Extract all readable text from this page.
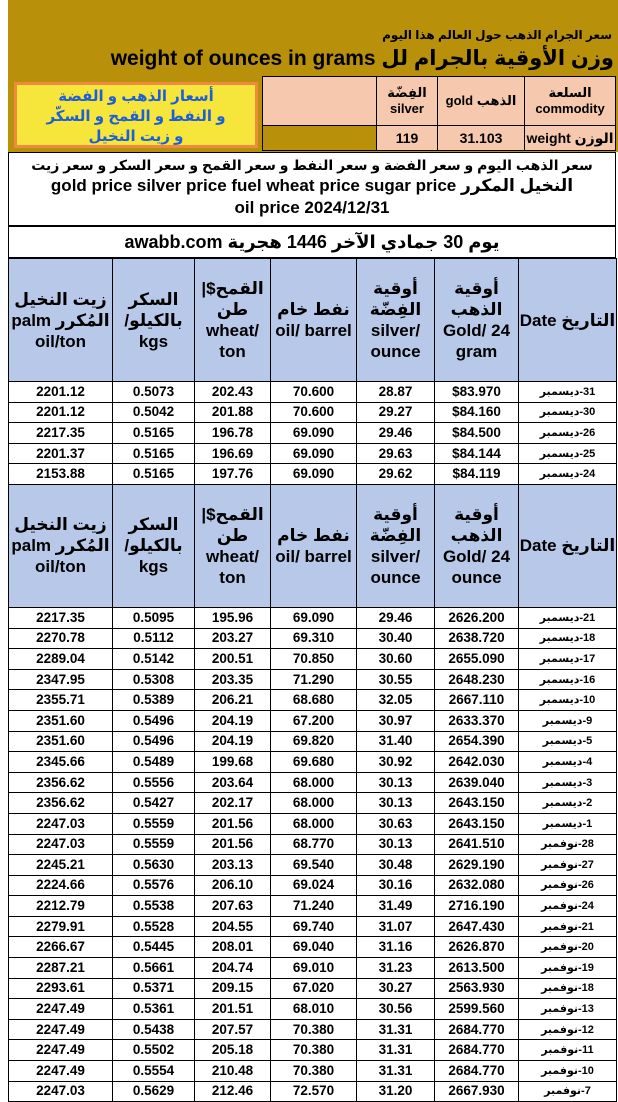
سعر الجرام الذهب حول العالم هذا اليوم
وزن الأوقية بالجرام لل weight of ounces in grams
أسعار الذهب و الفضة
و النفط و القمح و السكّر
و زيت النخيل
السلعة commodity	الذهب gold	الفِضّة silver	
الوزن weight	31.103	119	
سعر الذهب اليوم و سعر الفضة و سعر النفط و سعر القمح و سعر السكر و سعر زيت
النخيل المكرر gold price silver price fuel wheat price sugar price
oil price 2024/12/31
يوم 30 جمادي الآخر 1446 هجرية awabb.com
التاريخ Date	أوقية الذهب Gold/ 24 gram	أوقية الفِضّة silver/ ounce	نفط خام oil/ barrel	القمح$| طن wheat/ ton	السكر بالكيلو/ kgs	زيت النخيل المُكرر palm oil/ton
31-ديسمبر	$83.970	28.87	70.600	202.43	0.5073	2201.12
30-ديسمبر	$84.160	29.27	70.600	201.88	0.5042	2201.12
26-ديسمبر	$84.500	29.46	69.090	196.78	0.5165	2217.35
25-ديسمبر	$84.144	29.63	69.090	196.69	0.5165	2201.37
24-ديسمبر	$84.119	29.62	69.090	197.76	0.5165	2153.88
التاريخ Date	أوقية الذهب Gold/ 24 ounce	أوقية الفِضّة silver/ ounce	نفط خام oil/ barrel	القمح$| طن wheat/ ton	السكر بالكيلو/ kgs	زيت النخيل المُكرر palm oil/ton
21-ديسمبر	2626.200	29.46	69.090	195.96	0.5095	2217.35
18-ديسمبر	2638.720	30.40	69.310	203.27	0.5112	2270.78
17-ديسمبر	2655.090	30.60	70.850	200.51	0.5142	2289.04
16-ديسمبر	2648.230	30.55	71.290	203.35	0.5308	2347.95
10-ديسمبر	2667.110	32.05	68.680	206.21	0.5389	2355.71
9-ديسمبر	2633.370	30.97	67.200	204.19	0.5496	2351.60
5-ديسمبر	2654.390	31.40	69.820	204.19	0.5496	2351.60
4-ديسمبر	2642.030	30.92	69.680	199.68	0.5489	2345.66
3-ديسمبر	2639.040	30.13	68.000	203.64	0.5556	2356.62
2-ديسمبر	2643.150	30.13	68.000	202.17	0.5427	2356.62
1-ديسمبر	2643.150	30.63	68.000	201.56	0.5559	2247.03
28-نوفمبر	2641.510	30.13	68.770	201.56	0.5559	2247.03
27-نوفمبر	2629.190	30.48	69.540	203.13	0.5630	2245.21
26-نوفمبر	2632.080	30.16	69.024	206.10	0.5576	2224.66
24-نوفمبر	2716.190	31.49	71.240	207.63	0.5538	2212.79
21-نوفمبر	2647.430	31.07	69.740	204.55	0.5528	2279.91
20-نوفمبر	2626.870	31.16	69.040	208.01	0.5445	2266.67
19-نوفمبر	2613.500	31.23	69.010	204.74	0.5661	2287.21
18-نوفمبر	2563.930	30.27	67.020	209.15	0.5371	2293.61
13-نوفمبر	2599.560	30.56	68.010	201.51	0.5361	2247.49
12-نوفمبر	2684.770	31.31	70.380	207.57	0.5438	2247.49
11-نوفمبر	2684.770	31.31	70.380	205.18	0.5502	2247.49
10-نوفمبر	2684.770	31.31	70.380	210.48	0.5554	2247.49
7-نوفمبر	2667.930	31.20	72.570	212.46	0.5629	2247.03
